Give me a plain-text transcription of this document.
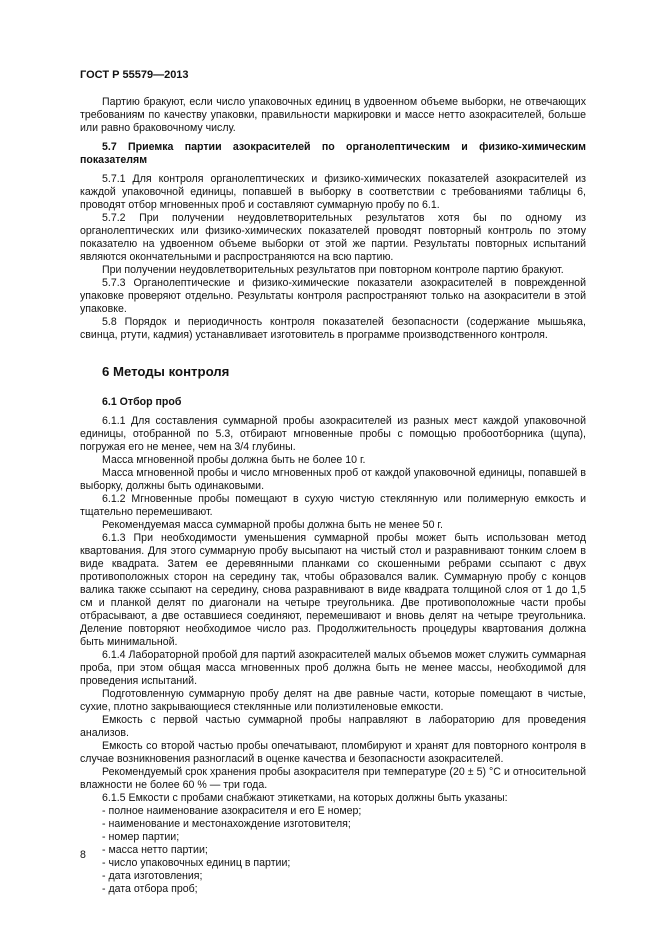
ГОСТ Р 55579—2013

Партию бракуют, если число упаковочных единиц в удвоенном объеме выборки, не отвечающих требованиям по качеству упаковки, правильности маркировки и массе нетто азокрасителей, больше или равно браковочному числу.

5.7 Приемка партии азокрасителей по органолептическим и физико-химическим показателям

5.7.1 Для контроля органолептических и физико-химических показателей азокрасителей из каждой упаковочной единицы, попавшей в выборку в соответствии с требованиями таблицы 6, проводят отбор мгновенных проб и составляют суммарную пробу по 6.1.

5.7.2 При получении неудовлетворительных результатов хотя бы по одному из органолептических или физико-химических показателей проводят повторный контроль по этому показателю на удвоенном объеме выборки от этой же партии. Результаты повторных испытаний являются окончательными и распространяются на всю партию.

При получении неудовлетворительных результатов при повторном контроле партию бракуют.

5.7.3 Органолептические и физико-химические показатели азокрасителей в поврежденной упаковке проверяют отдельно. Результаты контроля распространяют только на азокрасители в этой упаковке.

5.8 Порядок и периодичность контроля показателей безопасности (содержание мышьяка, свинца, ртути, кадмия) устанавливает изготовитель в программе производственного контроля.

6 Методы контроля

6.1 Отбор проб

6.1.1 Для составления суммарной пробы азокрасителей из разных мест каждой упаковочной единицы, отобранной по 5.3, отбирают мгновенные пробы с помощью пробоотборника (щупа), погружая его не менее, чем на 3/4 глубины.

Масса мгновенной пробы должна быть не более 10 г.

Масса мгновенной пробы и число мгновенных проб от каждой упаковочной единицы, попавшей в выборку, должны быть одинаковыми.

6.1.2 Мгновенные пробы помещают в сухую чистую стеклянную или полимерную емкость и тщательно перемешивают.

Рекомендуемая масса суммарной пробы должна быть не менее 50 г.

6.1.3 При необходимости уменьшения суммарной пробы может быть использован метод квартования. Для этого суммарную пробу высыпают на чистый стол и разравнивают тонким слоем в виде квадрата. Затем ее деревянными планками со скошенными ребрами ссыпают с двух противоположных сторон на середину так, чтобы образовался валик. Суммарную пробу с концов валика также ссыпают на середину, снова разравнивают в виде квадрата толщиной слоя от 1 до 1,5 см и планкой делят по диагонали на четыре треугольника. Две противоположные части пробы отбрасывают, а две оставшиеся соединяют, перемешивают и вновь делят на четыре треугольника. Деление повторяют необходимое число раз. Продолжительность процедуры квартования должна быть минимальной.

6.1.4 Лабораторной пробой для партий азокрасителей малых объемов может служить суммарная проба, при этом общая масса мгновенных проб должна быть не менее массы, необходимой для проведения испытаний.

Подготовленную суммарную пробу делят на две равные части, которые помещают в чистые, сухие, плотно закрывающиеся стеклянные или полиэтиленовые емкости.

Емкость с первой частью суммарной пробы направляют в лабораторию для проведения анализов.

Емкость со второй частью пробы опечатывают, пломбируют и хранят для повторного контроля в случае возникновения разногласий в оценке качества и безопасности азокрасителей.

Рекомендуемый срок хранения пробы азокрасителя при температуре (20 ± 5) °С и относительной влажности не более 60 % — три года.

6.1.5 Емкости с пробами снабжают этикетками, на которых должны быть указаны:

- полное наименование азокрасителя и его Е номер;
- наименование и местонахождение изготовителя;
- номер партии;
- масса нетто партии;
- число упаковочных единиц в партии;
- дата изготовления;
- дата отбора проб;
8
